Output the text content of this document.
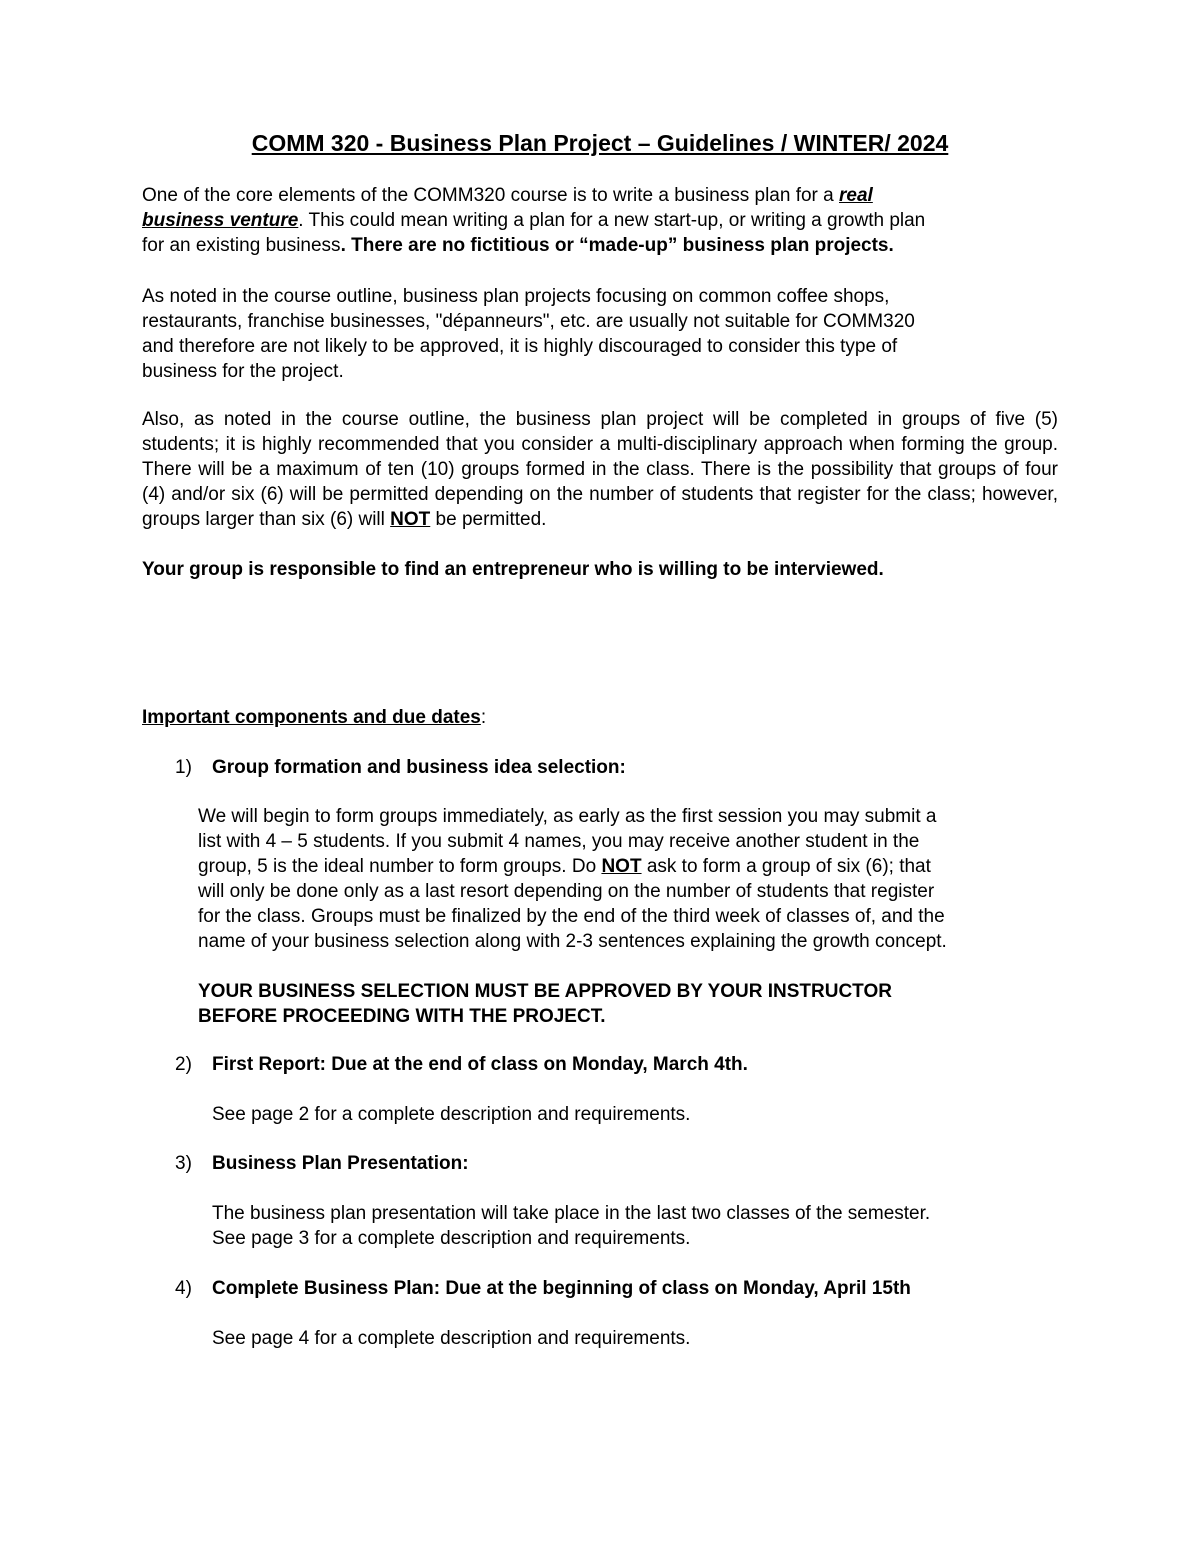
COMM 320 - Business Plan Project – Guidelines / WINTER/ 2024
One of the core elements of the COMM320 course is to write a business plan for a real
business venture. This could mean writing a plan for a new start-up, or writing a growth plan
for an existing business. There are no fictitious or “made-up” business plan projects.
As noted in the course outline, business plan projects focusing on common coffee shops,
restaurants, franchise businesses, "dépanneurs", etc. are usually not suitable for COMM320
and therefore are not likely to be approved, it is highly discouraged to consider this type of
business for the project.
Also, as noted in the course outline, the business plan project will be completed in groups of five (5) students; it is highly recommended that you consider a multi-disciplinary approach when forming the group. There will be a maximum of ten (10) groups formed in the class. There is the possibility that groups of four (4) and/or six (6) will be permitted depending on the number of students that register for the class; however, groups larger than six (6) will NOT be permitted.
Your group is responsible to find an entrepreneur who is willing to be interviewed.
Important components and due dates:
1) Group formation and business idea selection:
We will begin to form groups immediately, as early as the first session you may submit a
list with 4 – 5 students. If you submit 4 names, you may receive another student in the
group, 5 is the ideal number to form groups. Do NOT ask to form a group of six (6); that
will only be done only as a last resort depending on the number of students that register
for the class. Groups must be finalized by the end of the third week of classes of, and the
name of your business selection along with 2-3 sentences explaining the growth concept.
YOUR BUSINESS SELECTION MUST BE APPROVED BY YOUR INSTRUCTOR
BEFORE PROCEEDING WITH THE PROJECT.
2) First Report: Due at the end of class on Monday, March 4th.
See page 2 for a complete description and requirements.
3) Business Plan Presentation:
The business plan presentation will take place in the last two classes of the semester.
See page 3 for a complete description and requirements.
4) Complete Business Plan: Due at the beginning of class on Monday, April 15th
See page 4 for a complete description and requirements.
